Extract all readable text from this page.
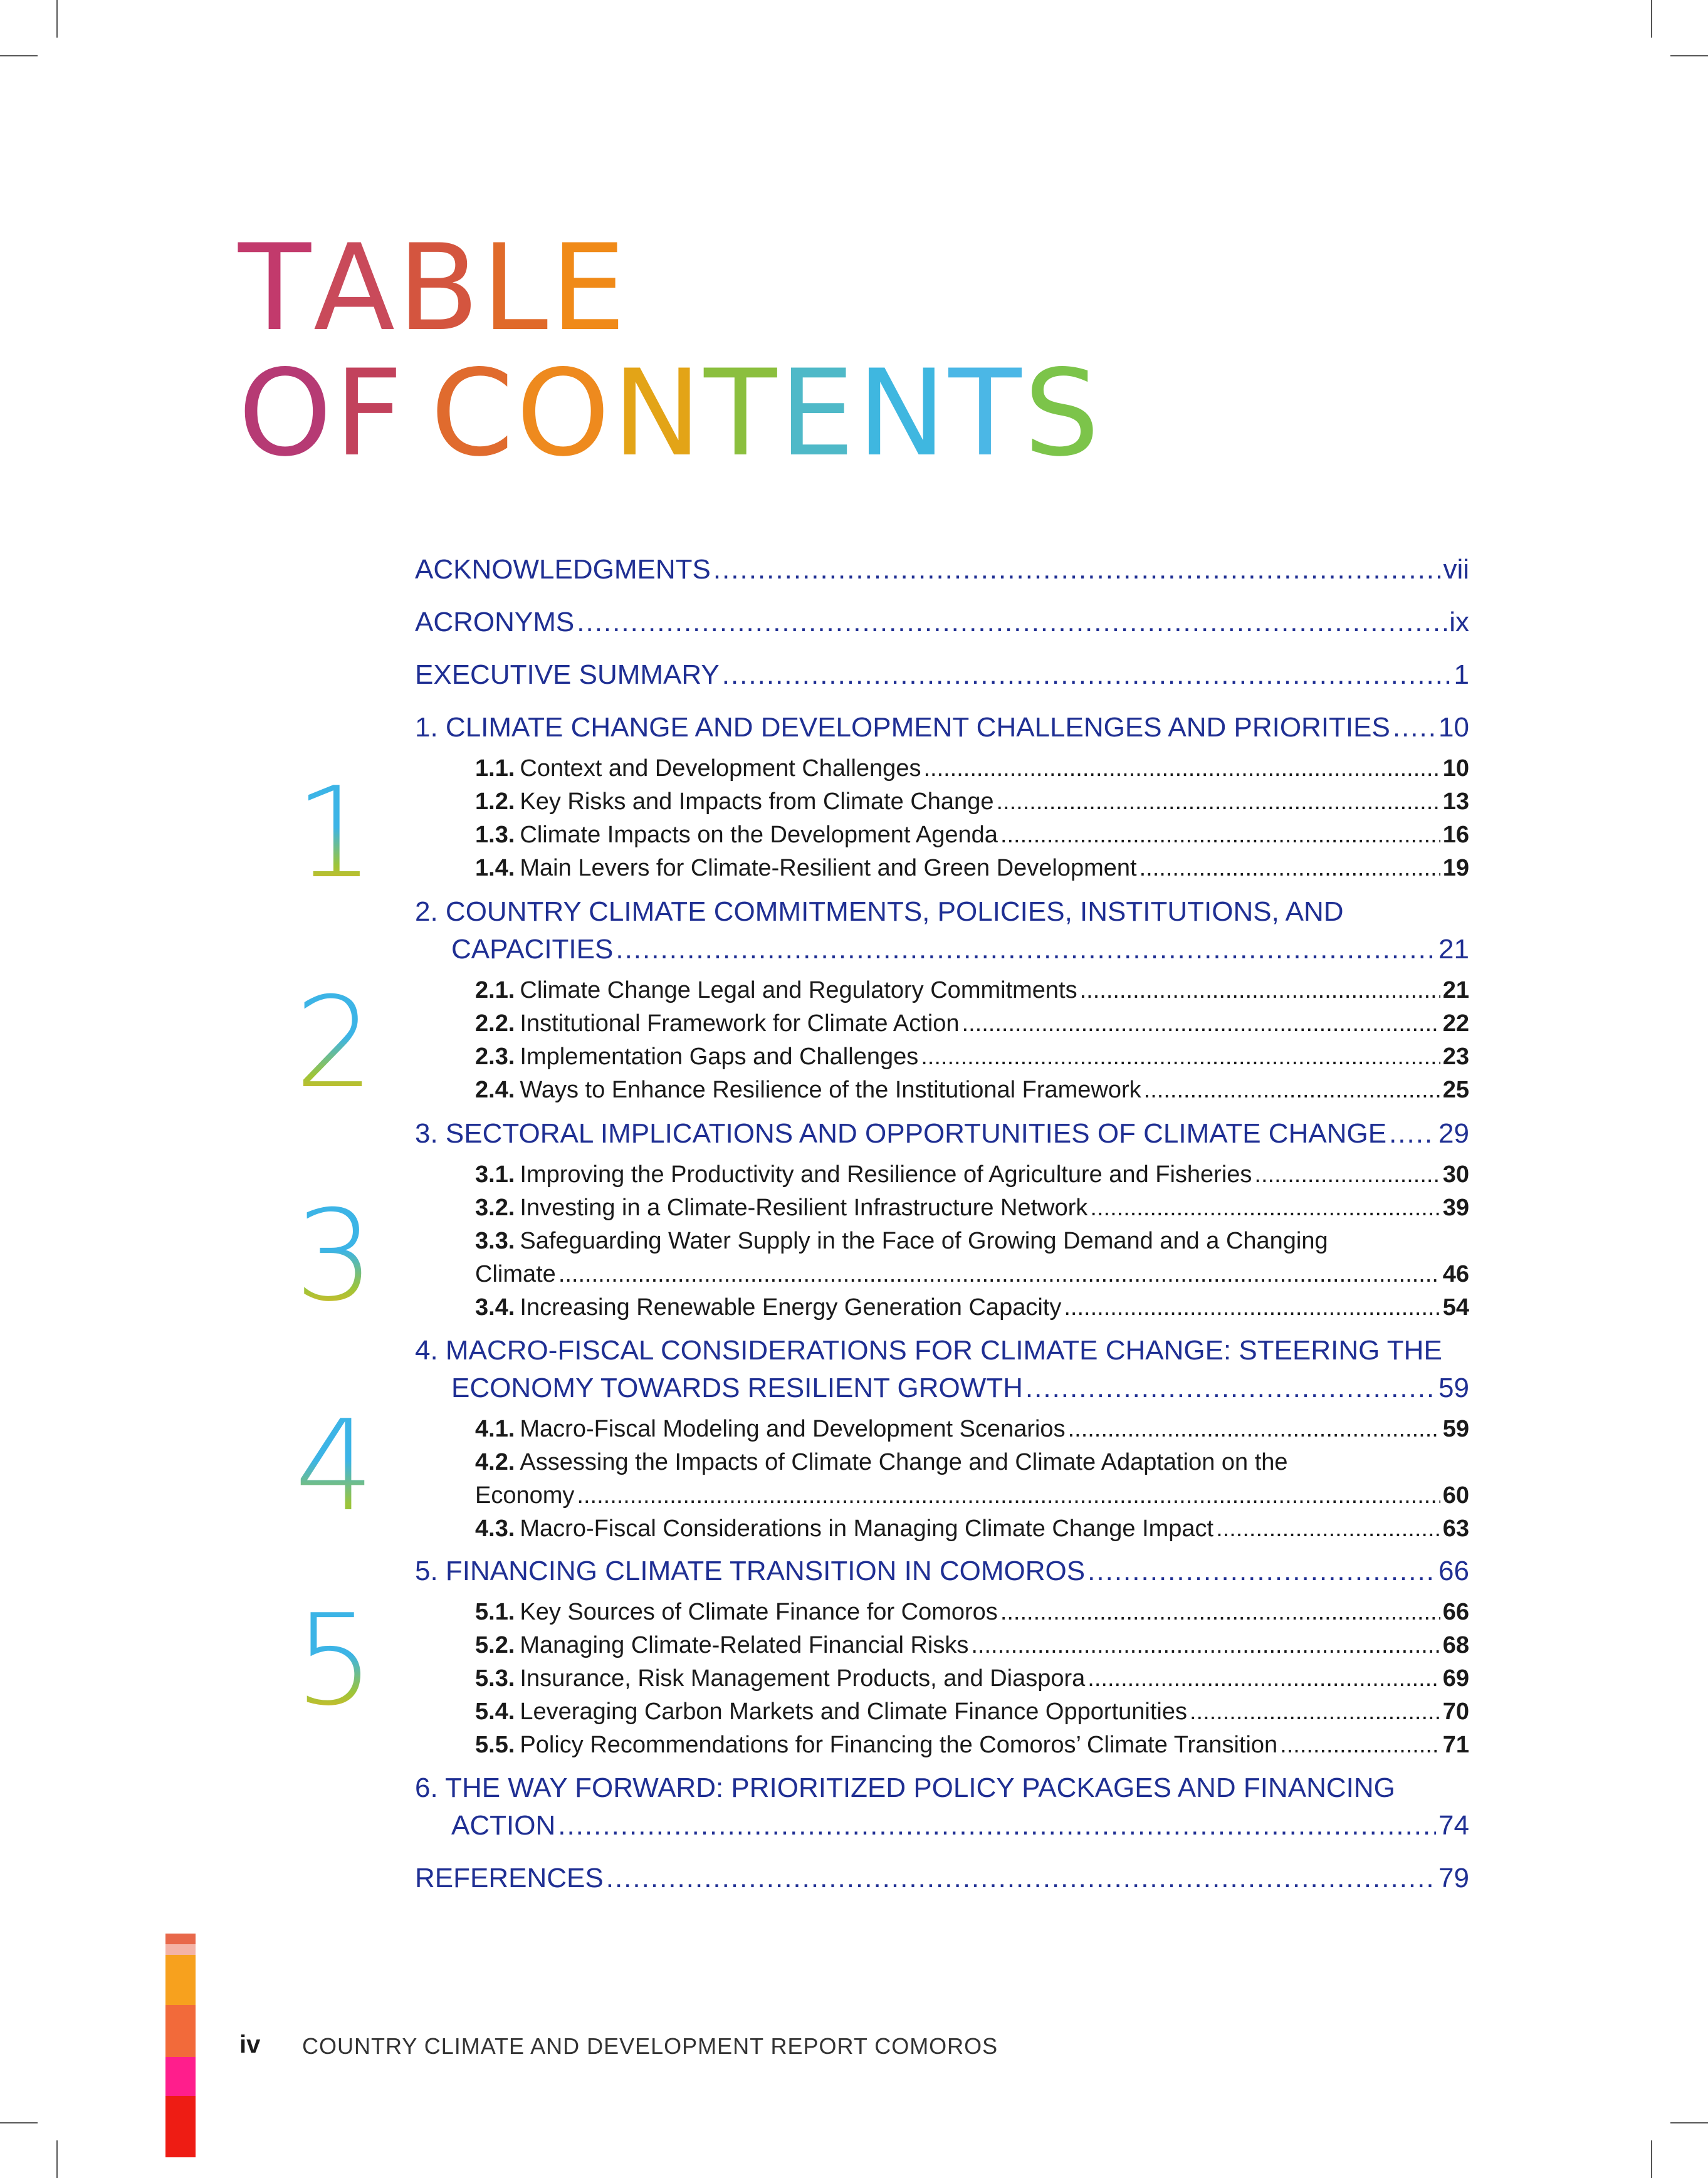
TABLE
OF CONTENTS
ACKNOWLEDGMENTS .....	vii
ACRONYMS .....	ix
EXECUTIVE SUMMARY .....	1
1. CLIMATE CHANGE AND DEVELOPMENT CHALLENGES AND PRIORITIES ..... 10
1.1. Context and Development Challenges .....	10
1.2. Key Risks and Impacts from Climate Change .....	13
1.3. Climate Impacts on the Development Agenda .....	16
1.4. Main Levers for Climate-Resilient and Green Development .....	19
2. COUNTRY CLIMATE COMMITMENTS, POLICIES, INSTITUTIONS, AND
CAPACITIES .....	21
2.1. Climate Change Legal and Regulatory Commitments .....	21
2.2. Institutional Framework for Climate Action .....	22
2.3. Implementation Gaps and Challenges .....	23
2.4. Ways to Enhance Resilience of the Institutional Framework .....	25
3. SECTORAL IMPLICATIONS AND OPPORTUNITIES OF CLIMATE CHANGE ..... 29
3.1. Improving the Productivity and Resilience of Agriculture and Fisheries .....	30
3.2. Investing in a Climate-Resilient Infrastructure Network .....	39
3.3. Safeguarding Water Supply in the Face of Growing Demand and a Changing
Climate .....	46
3.4. Increasing Renewable Energy Generation Capacity .....	54
4. MACRO-FISCAL CONSIDERATIONS FOR CLIMATE CHANGE: STEERING THE
ECONOMY TOWARDS RESILIENT GROWTH .....	59
4.1. Macro-Fiscal Modeling and Development Scenarios .....	59
4.2. Assessing the Impacts of Climate Change and Climate Adaptation on the
Economy .....	60
4.3. Macro-Fiscal Considerations in Managing Climate Change Impact .....	63
5. FINANCING CLIMATE TRANSITION IN COMOROS .....	66
5.1. Key Sources of Climate Finance for Comoros .....	66
5.2. Managing Climate-Related Financial Risks .....	68
5.3. Insurance, Risk Management Products, and Diaspora .....	69
5.4. Leveraging Carbon Markets and Climate Finance Opportunities .....	70
5.5. Policy Recommendations for Financing the Comoros’ Climate Transition .....	71
6. THE WAY FORWARD: PRIORITIZED POLICY PACKAGES AND FINANCING
ACTION .....	74
REFERENCES .....	79
1
2
3
4
5
iv COUNTRY CLIMATE AND DEVELOPMENT REPORT COMOROS
